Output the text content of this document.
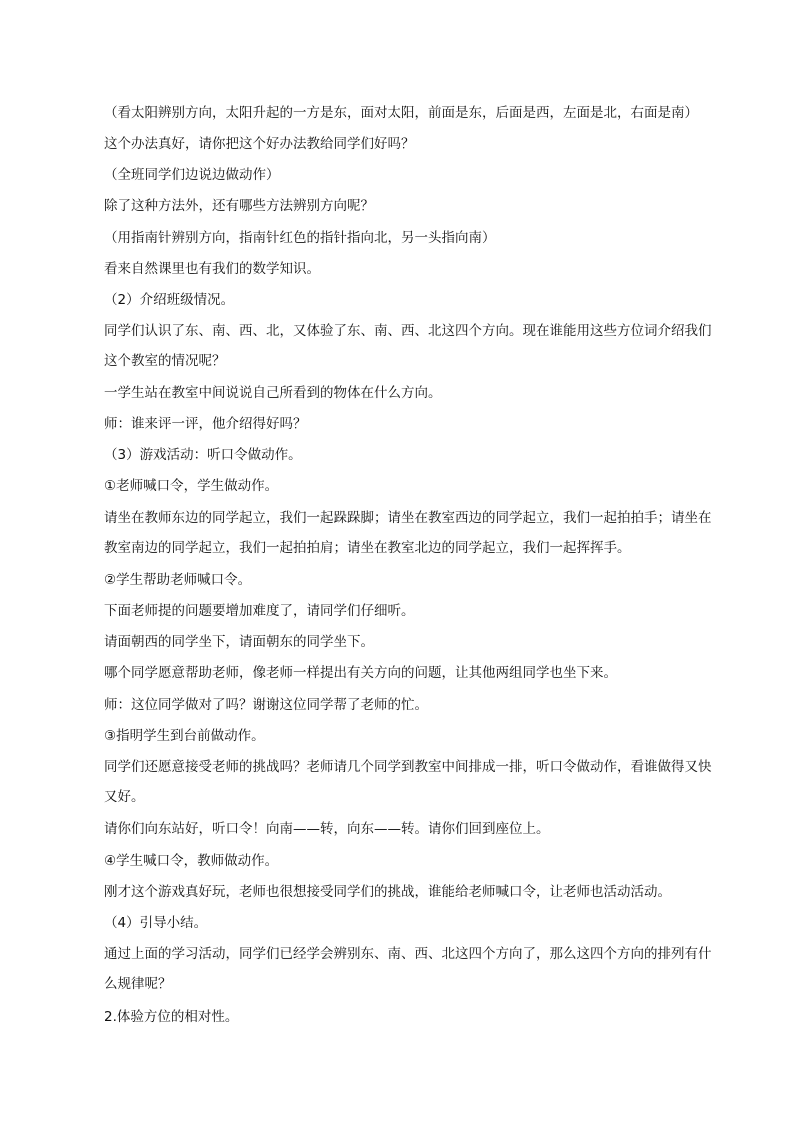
（看太阳辨别方向，太阳升起的一方是东，面对太阳，前面是东，后面是西，左面是北，右面是南）
这个办法真好，请你把这个好办法教给同学们好吗？
（全班同学们边说边做动作）
除了这种方法外，还有哪些方法辨别方向呢？
（用指南针辨别方向，指南针红色的指针指向北，另一头指向南）
看来自然课里也有我们的数学知识。
（2）介绍班级情况。
同学们认识了东、南、西、北，又体验了东、南、西、北这四个方向。现在谁能用这些方位词介绍我们这个教室的情况呢？
一学生站在教室中间说说自己所看到的物体在什么方向。
师：谁来评一评，他介绍得好吗？
（3）游戏活动：听口令做动作。
①老师喊口令，学生做动作。
请坐在教师东边的同学起立，我们一起跺跺脚；请坐在教室西边的同学起立，我们一起拍拍手；请坐在教室南边的同学起立，我们一起拍拍肩；请坐在教室北边的同学起立，我们一起挥挥手。
②学生帮助老师喊口令。
下面老师提的问题要增加难度了，请同学们仔细听。
请面朝西的同学坐下，请面朝东的同学坐下。
哪个同学愿意帮助老师，像老师一样提出有关方向的问题，让其他两组同学也坐下来。
师：这位同学做对了吗？谢谢这位同学帮了老师的忙。
③指明学生到台前做动作。
同学们还愿意接受老师的挑战吗？老师请几个同学到教室中间排成一排，听口令做动作，看谁做得又快又好。
请你们向东站好，听口令！向南——转，向东——转。请你们回到座位上。
④学生喊口令，教师做动作。
刚才这个游戏真好玩，老师也很想接受同学们的挑战，谁能给老师喊口令，让老师也活动活动。
（4）引导小结。
通过上面的学习活动，同学们已经学会辨别东、南、西、北这四个方向了，那么这四个方向的排列有什么规律呢？
2.体验方位的相对性。
